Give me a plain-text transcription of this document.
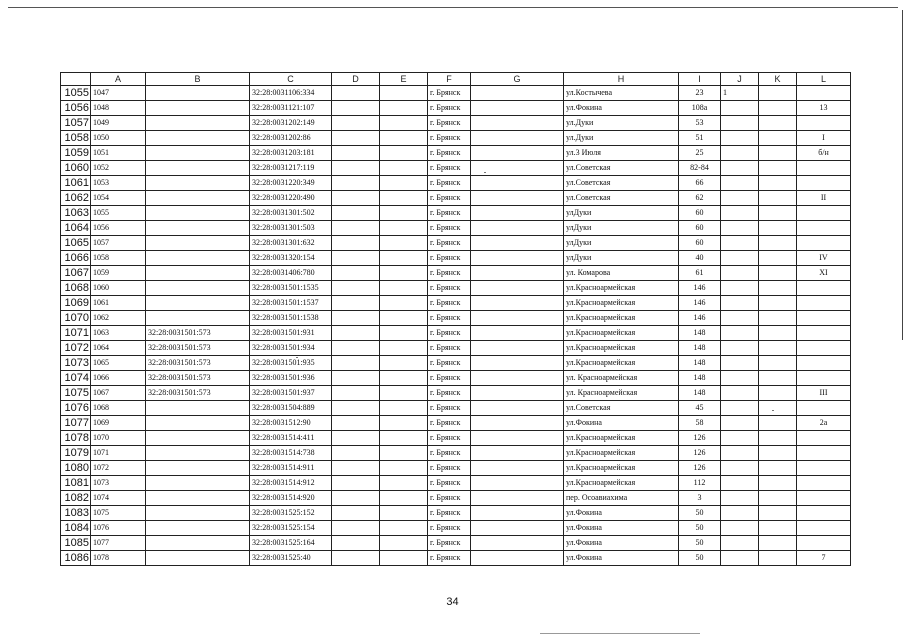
	A	B	C	D	E	F	G	H	I	J	K	L
1055	1047		32:28:0031106:334			г. Брянск		ул.Костычева	23	1		
1056	1048		32:28:0031121:107			г. Брянск		ул.Фокина	108а			13
1057	1049		32:28:0031202:149			г. Брянск		ул.Дуки	53			
1058	1050		32:28:0031202:86			г. Брянск		ул.Дуки	51			I
1059	1051		32:28:0031203:181			г. Брянск		ул.3 Июля	25			б/н
1060	1052		32:28:0031217:119			г. Брянск		ул.Советская	82-84			
1061	1053		32:28:0031220:349			г. Брянск		ул.Советская	66			
1062	1054		32:28:0031220:490			г. Брянск		ул.Советская	62			II
1063	1055		32:28:0031301:502			г. Брянск		улДуки	60			
1064	1056		32:28:0031301:503			г. Брянск		улДуки	60			
1065	1057		32:28:0031301:632			г. Брянск		улДуки	60			
1066	1058		32:28:0031320:154			г. Брянск		улДуки	40			IV
1067	1059		32:28:0031406:780			г. Брянск		ул. Комарова	61			XI
1068	1060		32:28:0031501:1535			г. Брянск		ул.Красноармейская	146			
1069	1061		32:28:0031501:1537			г. Брянск		ул.Красноармейская	146			
1070	1062		32:28:0031501:1538			г. Брянск		ул.Красноармейская	146			
1071	1063	32:28:0031501:573	32:28:0031501:931			г. Брянск		ул.Красноармейская	148			
1072	1064	32:28:0031501:573	32:28:0031501:934			г. Брянск		ул.Красноармейская	148			
1073	1065	32:28:0031501:573	32:28:0031501:935			г. Брянск		ул.Красноармейская	148			
1074	1066	32:28:0031501:573	32:28:0031501:936			г. Брянск		ул. Красноармейская	148			
1075	1067	32:28:0031501:573	32:28:0031501:937			г. Брянск		ул. Красноармейская	148			III
1076	1068		32:28:0031504:889			г. Брянск		ул.Советская	45			
1077	1069		32:28:0031512:90			г. Брянск		ул.Фокина	58			2а
1078	1070		32:28:0031514:411			г. Брянск		ул.Красноармейская	126			
1079	1071		32:28:0031514:738			г. Брянск		ул.Красноармейская	126			
1080	1072		32:28:0031514:911			г. Брянск		ул.Красноармейская	126			
1081	1073		32:28:0031514:912			г. Брянск		ул.Красноармейская	112			
1082	1074		32:28:0031514:920			г. Брянск		пер. Осоавиахима	3			
1083	1075		32:28:0031525:152			г. Брянск		ул.Фокина	50			
1084	1076		32:28:0031525:154			г. Брянск		ул.Фокина	50			
1085	1077		32:28:0031525:164			г. Брянск		ул.Фокина	50			
1086	1078		32:28:0031525:40			г. Брянск		ул.Фокина	50			7
34
